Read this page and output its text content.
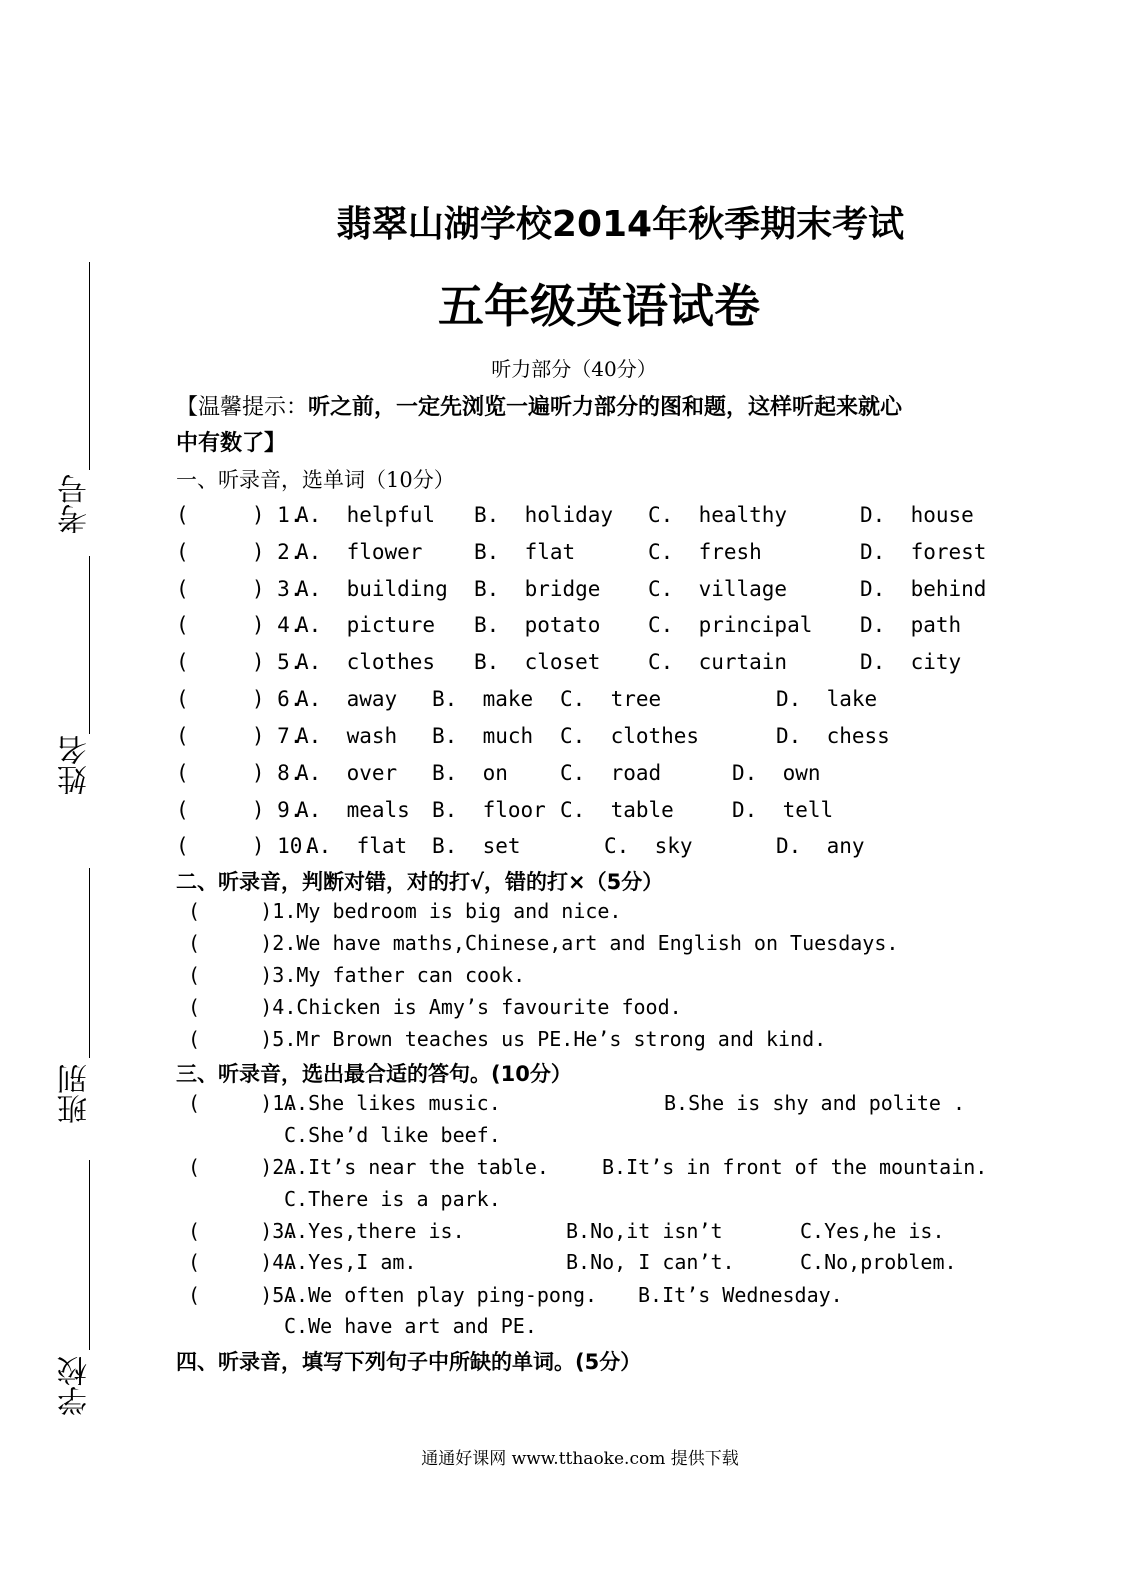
考号
姓名
班别
学校
翡翠山湖学校2014年秋季期末考试
五年级英语试卷
听力部分（40分）
【温馨提示：听之前，一定先浏览一遍听力部分的图和题，这样听起来就心
中有数了】
一、听录音，选单词（10分）
(     ) 1.
A.  helpful B.  holiday C.  healthy	D.  house
(     ) 2.
A.  flower B.  flat	C.  fresh	D.  forest
(     ) 3.
A.  building B.  bridge C.  village	D.  behind
(     ) 4.
A.  picture B.  potato C.  principal D.  path
(     ) 5.
A.  clothes B.  closet C.  curtain	D.  city
(     ) 6.
A.  away B.  make C.  tree	D.  lake
(     ) 7.
A.  wash B.  much C.  clothes	D.  chess
(     ) 8.
A.  over B.  on C.  road	D.  own
(     ) 9.
A.  meals B.  floor C.  table	D.  tell
(     ) 10.
A.  flat B.  set	C.  sky	D.  any
二、听录音，判断对错，对的打√，错的打×（5分）
(     )1.My bedroom is big and nice.
(     )2.We have maths,Chinese,art and English on Tuesdays.
(     )3.My father can cook.
(     )4.Chicken is Amy’s favourite food.
(     )5.Mr Brown teaches us PE.He’s strong and kind.
三、听录音，选出最合适的答句。(10分）
(     )1.
A.She likes music.	B.She is shy and polite .
C.She’d like beef.
(     )2.
A.It’s near the table.	B.It’s in front of the mountain.
C.There is a park.
(     )3.
A.Yes,there is.	B.No,it isn’t	C.Yes,he is.
(     )4.
A.Yes,I am.	B.No, I can’t.	C.No,problem.
(     )5.
A.We often play ping-pong. B.It’s Wednesday.
C.We have art and PE.
四、听录音，填写下列句子中所缺的单词。(5分）
通通好课网 www.tthaoke.com 提供下载
